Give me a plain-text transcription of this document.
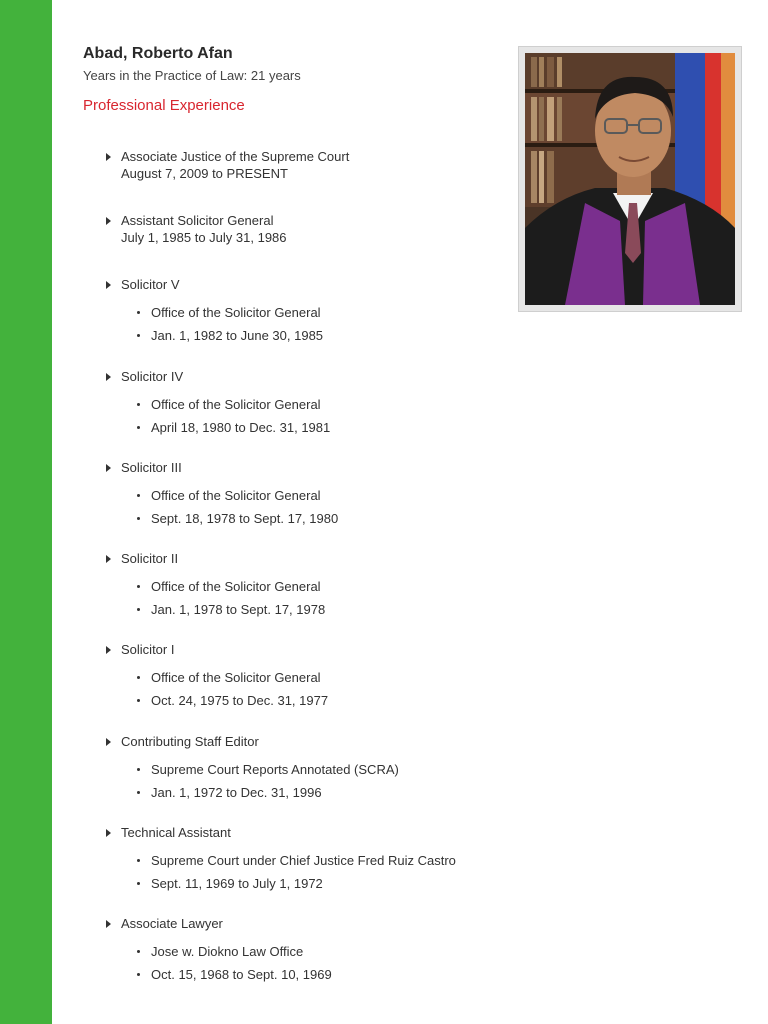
Abad, Roberto Afan
Years in the Practice of Law: 21 years
Professional Experience
Associate Justice of the Supreme Court
August 7, 2009 to PRESENT
Assistant Solicitor General
July 1, 1985 to July 31, 1986
Solicitor V
Office of the Solicitor General
Jan. 1, 1982 to June 30, 1985
Solicitor IV
Office of the Solicitor General
April 18, 1980 to Dec. 31, 1981
Solicitor III
Office of the Solicitor General
Sept. 18, 1978 to Sept. 17, 1980
Solicitor II
Office of the Solicitor General
Jan. 1, 1978 to Sept. 17, 1978
Solicitor I
Office of the Solicitor General
Oct. 24, 1975 to Dec. 31, 1977
Contributing Staff Editor
Supreme Court Reports Annotated (SCRA)
Jan. 1, 1972 to Dec. 31, 1996
Technical Assistant
Supreme Court under Chief Justice Fred Ruiz Castro
Sept. 11, 1969 to July 1, 1972
Associate Lawyer
Jose w. Diokno Law Office
Oct. 15, 1968 to Sept. 10, 1969
